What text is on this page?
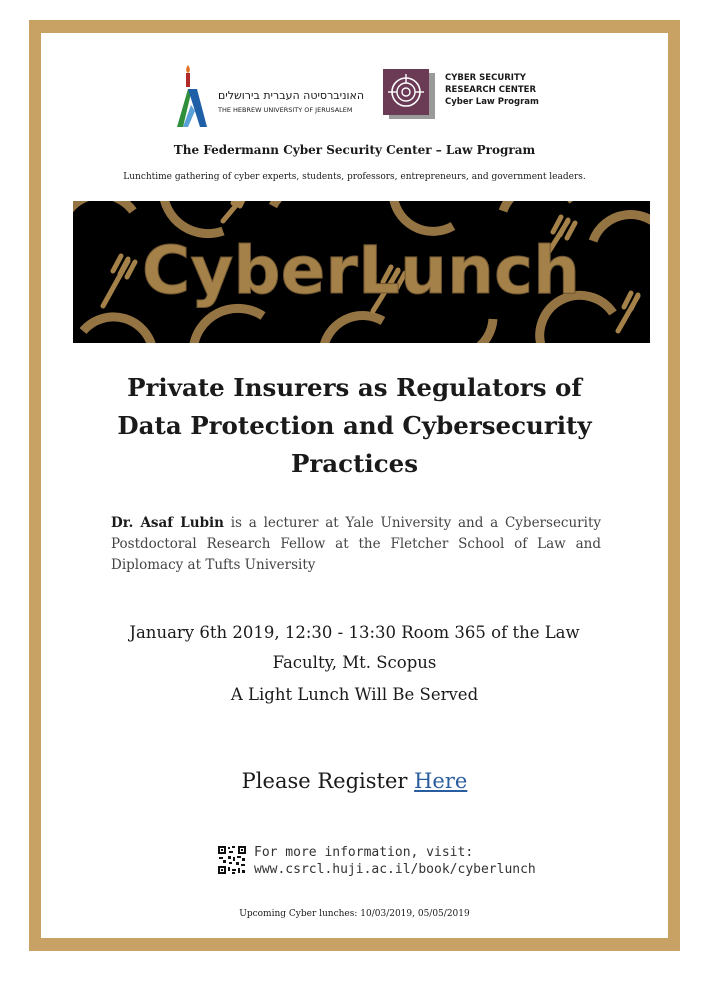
האוניברסיטה העברית בירושלים
THE HEBREW UNIVERSITY OF JERUSALEM
CYBER SECURITY
RESEARCH CENTER
Cyber Law Program
The Federmann Cyber Security Center – Law Program
Lunchtime gathering of cyber experts, students, professors, entrepreneurs, and government leaders.
CyberLunch
Private Insurers as Regulators of
Data Protection and Cybersecurity
Practices
Dr. Asaf Lubin is a lecturer at Yale University and a Cybersecurity Postdoctoral Research Fellow at the Fletcher School of Law and Diplomacy at Tufts University
January 6th 2019, 12:30 - 13:30 Room 365 of the Law
Faculty, Mt. Scopus
A Light Lunch Will Be Served
Please Register Here
For more information, visit:
www.csrcl.huji.ac.il/book/cyberlunch
Upcoming Cyber lunches: 10/03/2019, 05/05/2019
